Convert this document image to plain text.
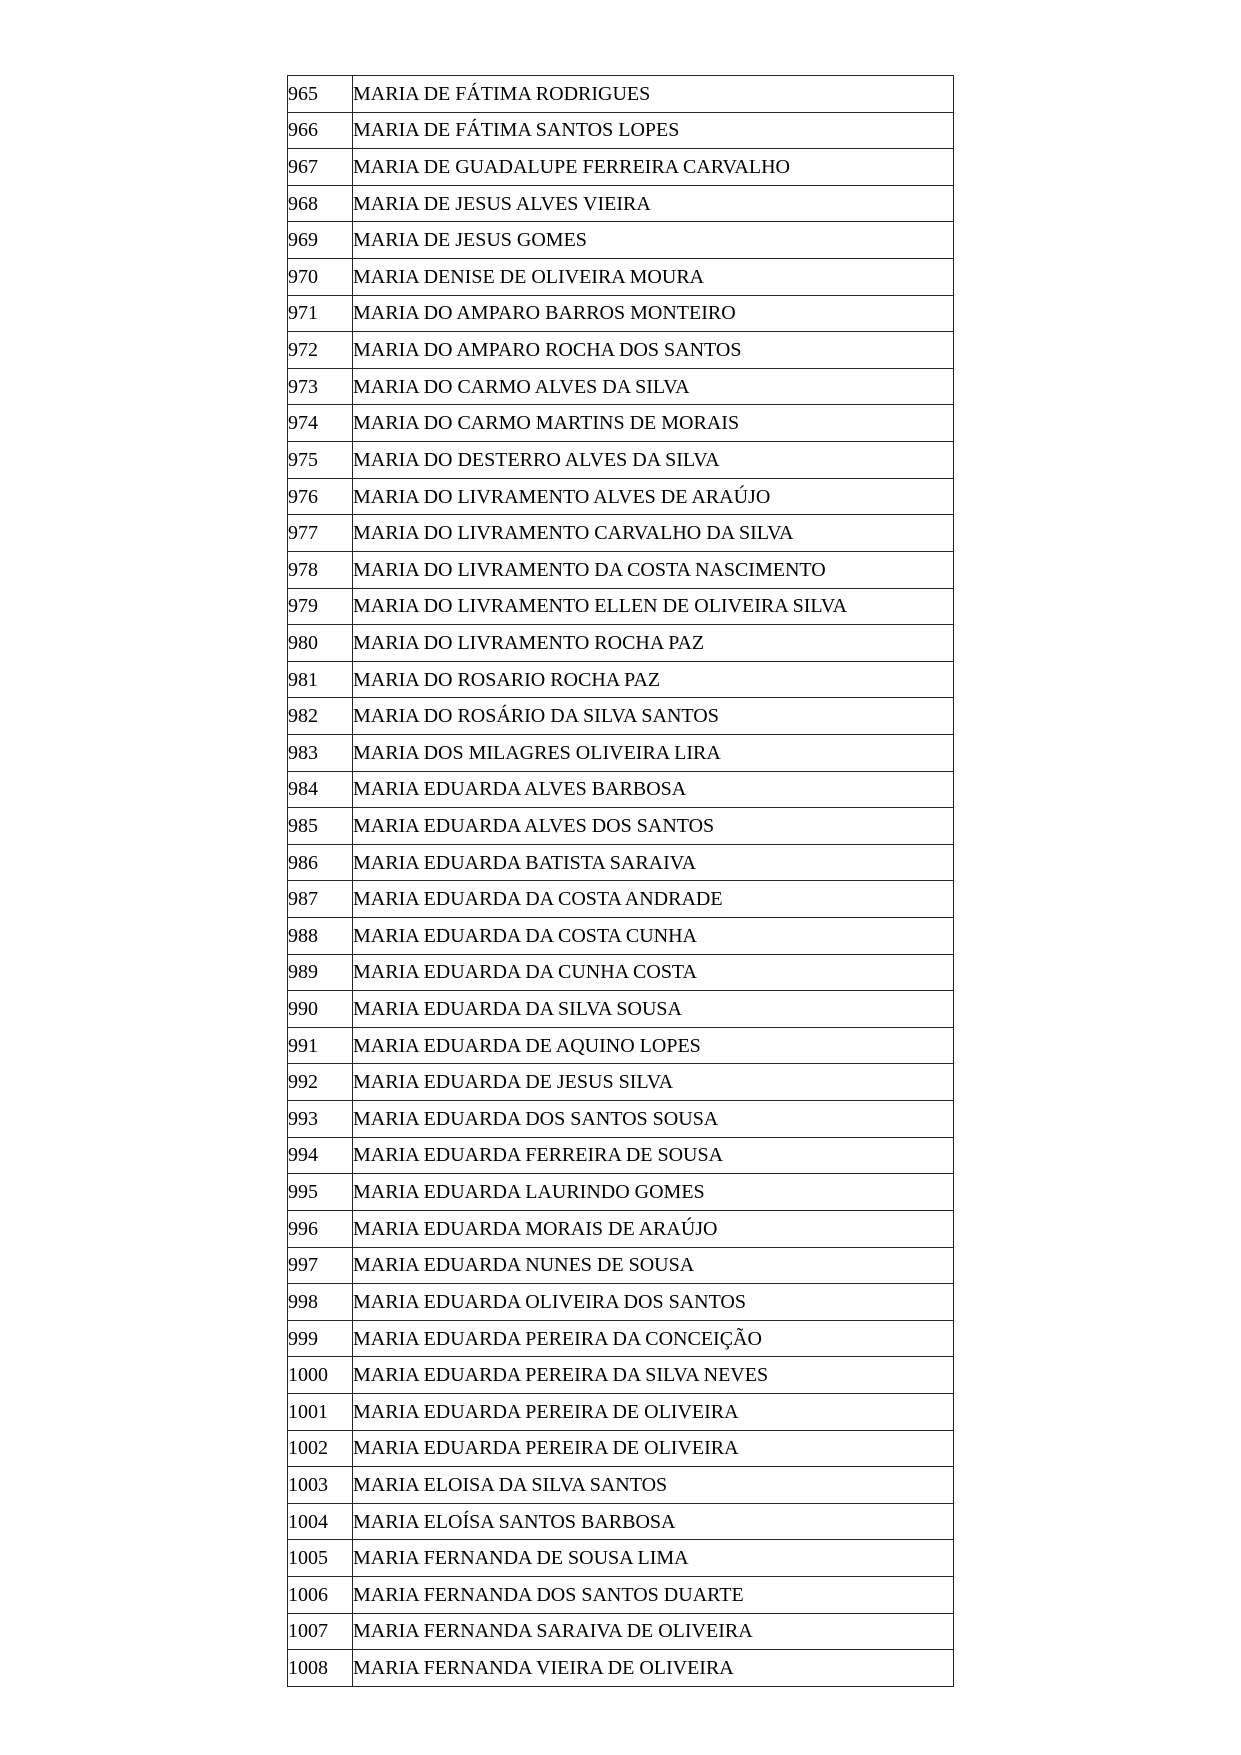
965	MARIA DE FÁTIMA RODRIGUES
966	MARIA DE FÁTIMA SANTOS LOPES
967	MARIA DE GUADALUPE FERREIRA CARVALHO
968	MARIA DE JESUS ALVES VIEIRA
969	MARIA DE JESUS GOMES
970	MARIA DENISE DE OLIVEIRA MOURA
971	MARIA DO AMPARO BARROS MONTEIRO
972	MARIA DO AMPARO ROCHA DOS SANTOS
973	MARIA DO CARMO ALVES DA SILVA
974	MARIA DO CARMO MARTINS DE MORAIS
975	MARIA DO DESTERRO ALVES DA SILVA
976	MARIA DO LIVRAMENTO ALVES DE ARAÚJO
977	MARIA DO LIVRAMENTO CARVALHO DA SILVA
978	MARIA DO LIVRAMENTO DA COSTA NASCIMENTO
979	MARIA DO LIVRAMENTO ELLEN DE OLIVEIRA SILVA
980	MARIA DO LIVRAMENTO ROCHA PAZ
981	MARIA DO ROSARIO ROCHA PAZ
982	MARIA DO ROSÁRIO DA SILVA SANTOS
983	MARIA DOS MILAGRES OLIVEIRA LIRA
984	MARIA EDUARDA ALVES BARBOSA
985	MARIA EDUARDA ALVES DOS SANTOS
986	MARIA EDUARDA BATISTA SARAIVA
987	MARIA EDUARDA DA COSTA ANDRADE
988	MARIA EDUARDA DA COSTA CUNHA
989	MARIA EDUARDA DA CUNHA COSTA
990	MARIA EDUARDA DA SILVA SOUSA
991	MARIA EDUARDA DE AQUINO LOPES
992	MARIA EDUARDA DE JESUS SILVA
993	MARIA EDUARDA DOS SANTOS SOUSA
994	MARIA EDUARDA FERREIRA DE SOUSA
995	MARIA EDUARDA LAURINDO GOMES
996	MARIA EDUARDA MORAIS DE ARAÚJO
997	MARIA EDUARDA NUNES DE SOUSA
998	MARIA EDUARDA OLIVEIRA DOS SANTOS
999	MARIA EDUARDA PEREIRA DA CONCEIÇÃO
1000	MARIA EDUARDA PEREIRA DA SILVA NEVES
1001	MARIA EDUARDA PEREIRA DE OLIVEIRA
1002	MARIA EDUARDA PEREIRA DE OLIVEIRA
1003	MARIA ELOISA DA SILVA SANTOS
1004	MARIA ELOÍSA SANTOS BARBOSA
1005	MARIA FERNANDA DE SOUSA LIMA
1006	MARIA FERNANDA DOS SANTOS DUARTE
1007	MARIA FERNANDA SARAIVA DE OLIVEIRA
1008	MARIA FERNANDA VIEIRA DE OLIVEIRA
